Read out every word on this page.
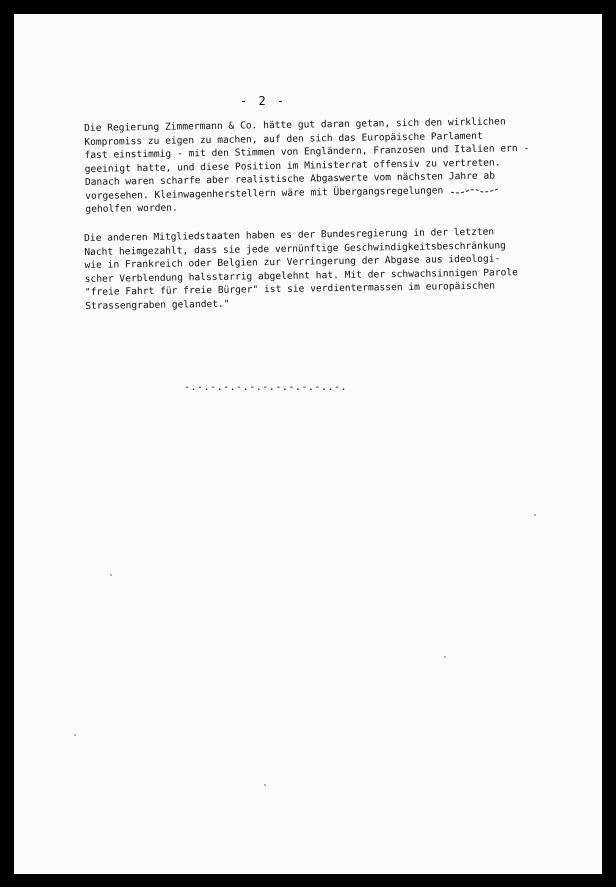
- 2 -
Die Regierung Zimmermann & Co. hätte gut daran getan, sich den wirklichen
Kompromiss zu eigen zu machen, auf den sich das Europäische Parlament
fast einstimmig - mit den Stimmen von Engländern, Franzosen und Italien ern -
geeinigt hatte, und diese Position im Ministerrat offensiv zu vertreten.
Danach waren scharfe aber realistische Abgaswerte vom nächsten Jahre ab
vorgesehen. Kleinwagenherstellern wäre mit Übergangsregelungen
geholfen worden.
Die anderen Mitgliedstaaten haben es der Bundesregierung in der letzten
Nacht heimgezahlt, dass sie jede vernünftige Geschwindigkeitsbeschränkung
wie in Frankreich oder Belgien zur Verringerung der Abgase aus ideologi-
scher Verblendung halsstarrig abgelehnt hat. Mit der schwachsinnigen Parole
"freie Fahrt für freie Bürger" ist sie verdientermassen im europäischen
Strassengraben gelandet."
-.-.-.-.-.-.-.-.-.-.-..-.
